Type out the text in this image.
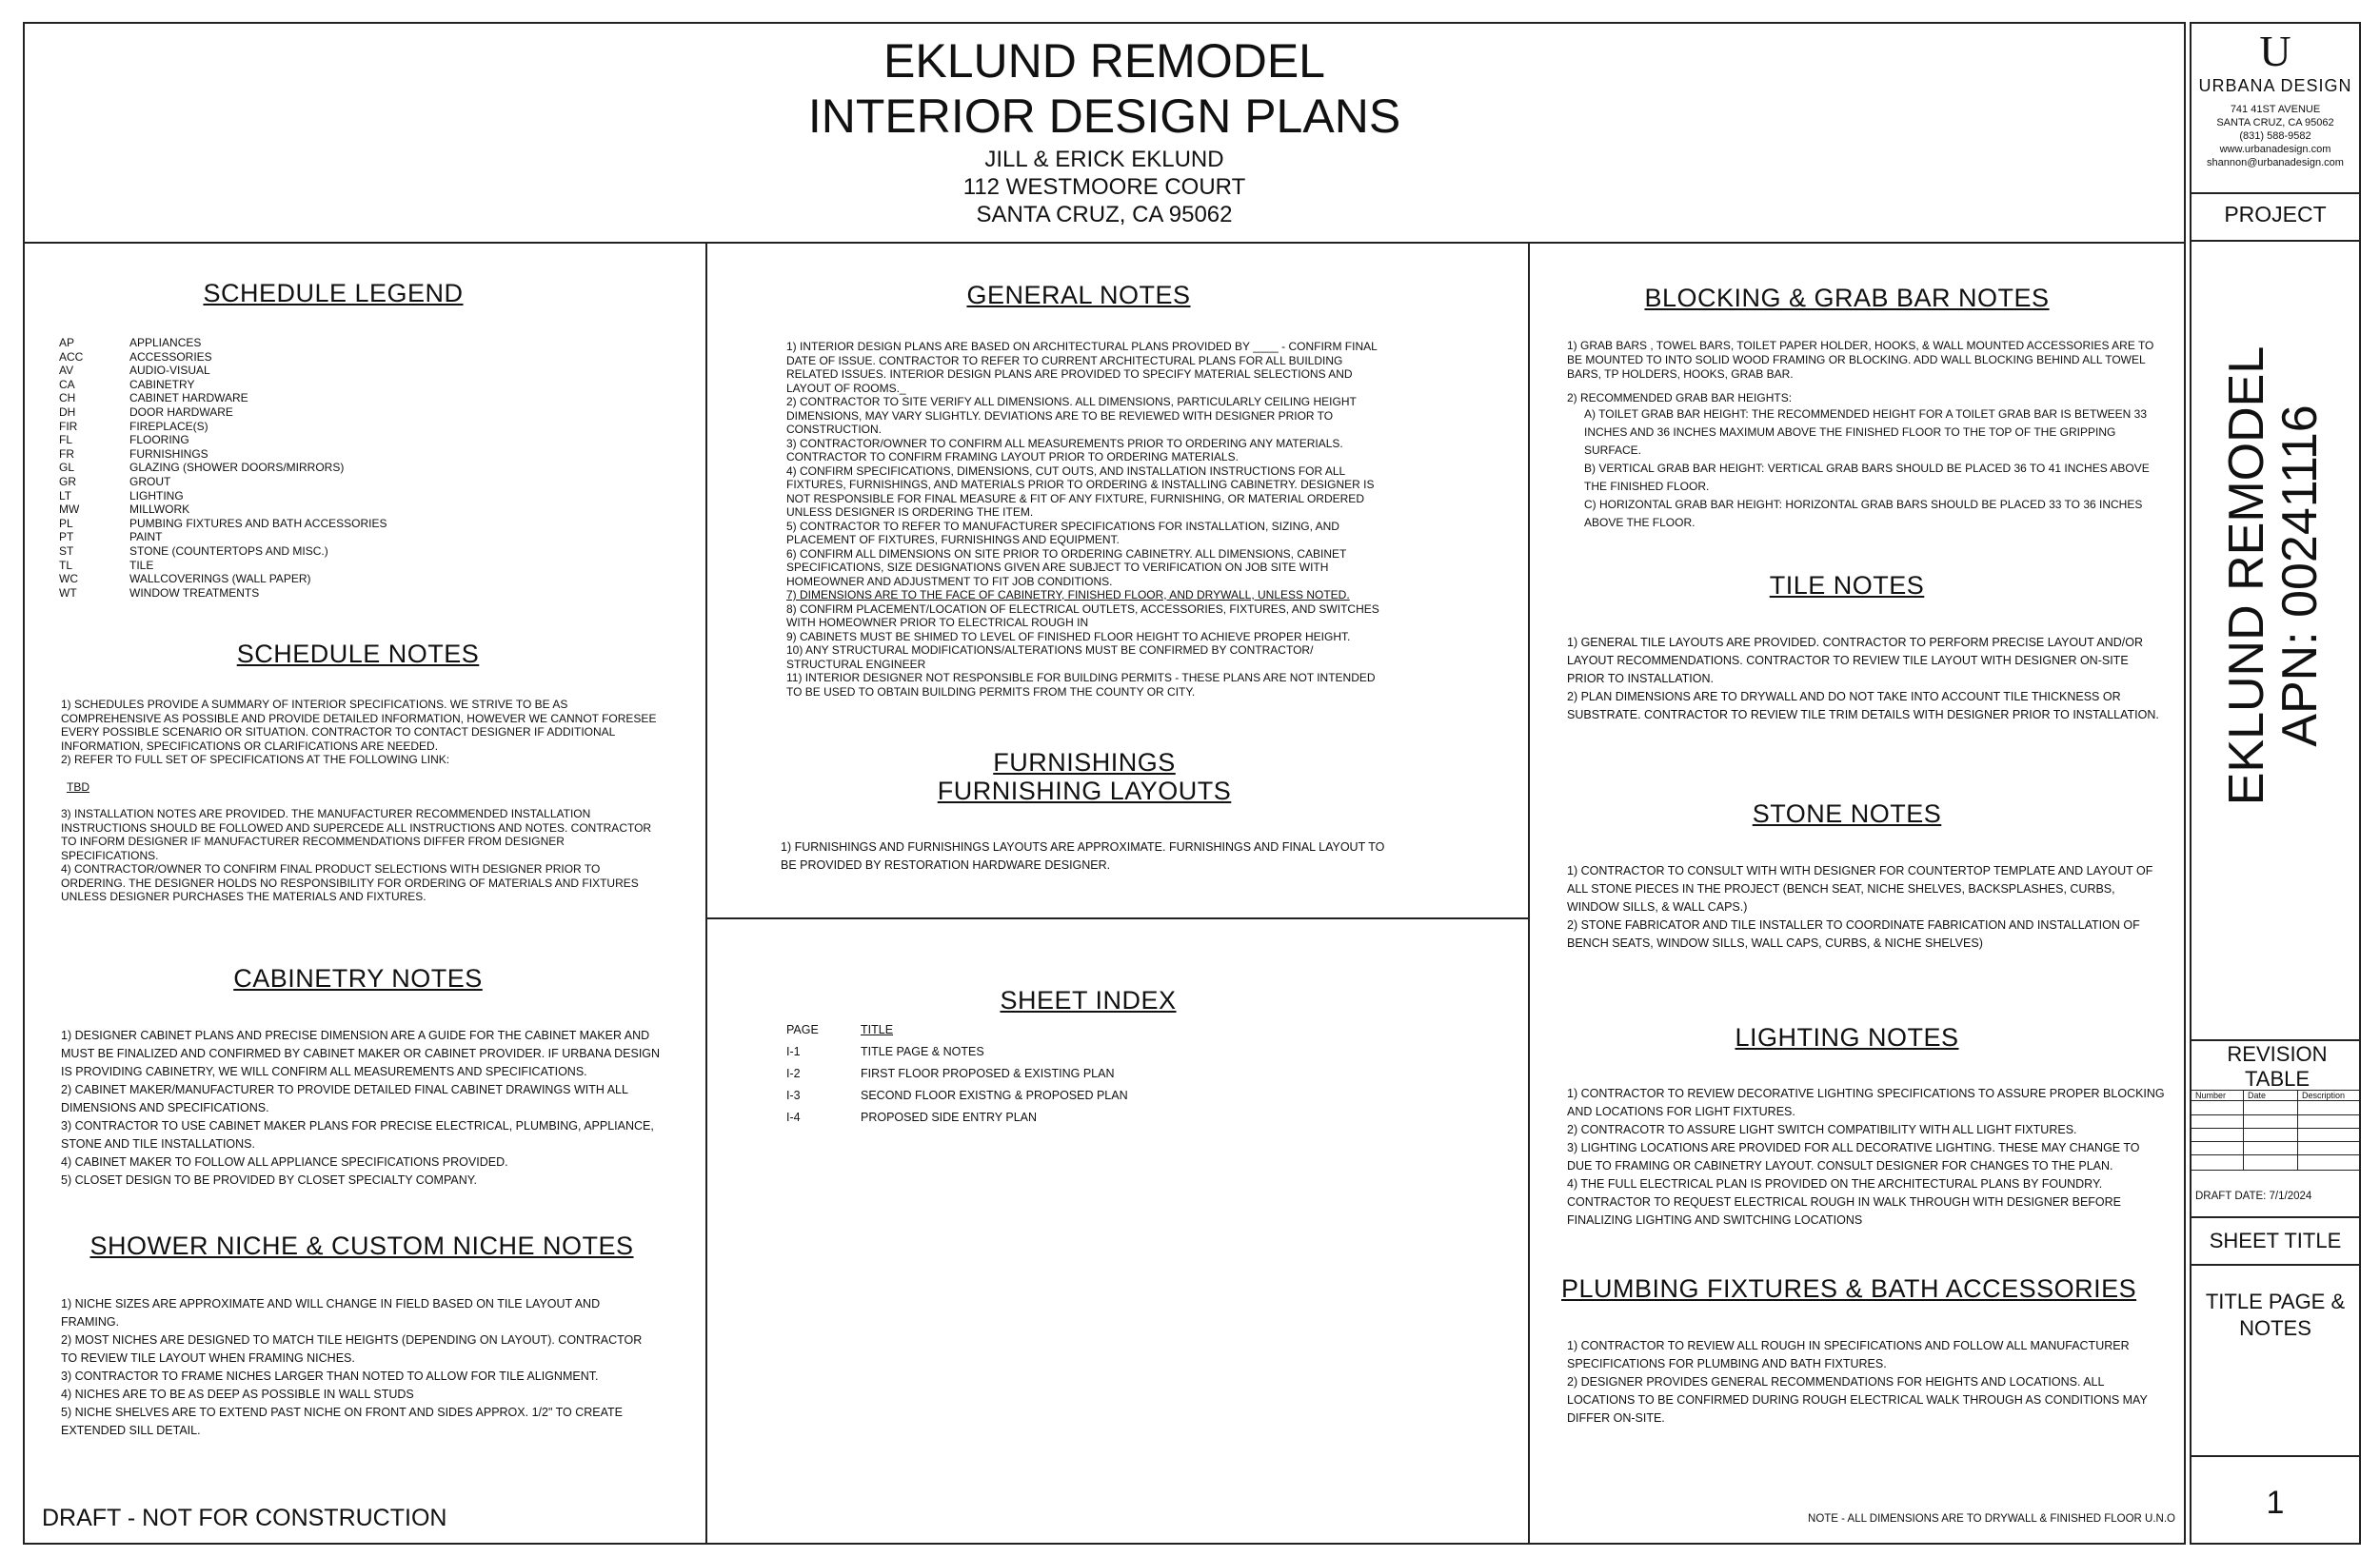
EKLUND REMODEL
INTERIOR DESIGN PLANS
JILL & ERICK EKLUND
112 WESTMOORE COURT
SANTA CRUZ, CA 95062
SCHEDULE LEGEND
AP	APPLIANCES
ACC	ACCESSORIES
AV	AUDIO-VISUAL
CA	CABINETRY
CH	CABINET HARDWARE
DH	DOOR HARDWARE
FIR	FIREPLACE(S)
FL	FLOORING
FR	FURNISHINGS
GL	GLAZING (SHOWER DOORS/MIRRORS)
GR	GROUT
LT	LIGHTING
MW	MILLWORK
PL	PUMBING FIXTURES AND BATH ACCESSORIES
PT	PAINT
ST	STONE (COUNTERTOPS AND MISC.)
TL	TILE
WC	WALLCOVERINGS (WALL PAPER)
WT	WINDOW TREATMENTS
SCHEDULE NOTES

1) SCHEDULES PROVIDE A SUMMARY OF INTERIOR SPECIFICATIONS. WE STRIVE TO BE AS COMPREHENSIVE AS POSSIBLE AND PROVIDE DETAILED INFORMATION, HOWEVER WE CANNOT FORESEE EVERY POSSIBLE SCENARIO OR SITUATION. CONTRACTOR TO CONTACT DESIGNER IF ADDITIONAL INFORMATION, SPECIFICATIONS OR CLARIFICATIONS ARE NEEDED.

2) REFER TO FULL SET OF SPECIFICATIONS AT THE FOLLOWING LINK:

TBD

3) INSTALLATION NOTES ARE PROVIDED. THE MANUFACTURER RECOMMENDED INSTALLATION INSTRUCTIONS SHOULD BE FOLLOWED AND SUPERCEDE ALL INSTRUCTIONS AND NOTES. CONTRACTOR TO INFORM DESIGNER IF MANUFACTURER RECOMMENDATIONS DIFFER FROM DESIGNER SPECIFICATIONS.

4) CONTRACTOR/OWNER TO CONFIRM FINAL PRODUCT SELECTIONS WITH DESIGNER PRIOR TO ORDERING. THE DESIGNER HOLDS NO RESPONSIBILITY FOR ORDERING OF MATERIALS AND FIXTURES UNLESS DESIGNER PURCHASES THE MATERIALS AND FIXTURES.

CABINETRY NOTES

1) DESIGNER CABINET PLANS AND PRECISE DIMENSION ARE A GUIDE FOR THE CABINET MAKER AND MUST BE FINALIZED AND CONFIRMED BY CABINET MAKER OR CABINET PROVIDER. IF URBANA DESIGN IS PROVIDING CABINETRY, WE WILL CONFIRM ALL MEASUREMENTS AND SPECIFICATIONS.

2) CABINET MAKER/MANUFACTURER TO PROVIDE DETAILED FINAL CABINET DRAWINGS WITH ALL DIMENSIONS AND SPECIFICATIONS.

3) CONTRACTOR TO USE CABINET MAKER PLANS FOR PRECISE ELECTRICAL, PLUMBING, APPLIANCE, STONE AND TILE INSTALLATIONS.

4) CABINET MAKER TO FOLLOW ALL APPLIANCE SPECIFICATIONS PROVIDED.

5) CLOSET DESIGN TO BE PROVIDED BY CLOSET SPECIALTY COMPANY.

SHOWER NICHE & CUSTOM NICHE NOTES

1) NICHE SIZES ARE APPROXIMATE AND WILL CHANGE IN FIELD BASED ON TILE LAYOUT AND FRAMING.

2) MOST NICHES ARE DESIGNED TO MATCH TILE HEIGHTS (DEPENDING ON LAYOUT). CONTRACTOR TO REVIEW TILE LAYOUT WHEN FRAMING NICHES.

3) CONTRACTOR TO FRAME NICHES LARGER THAN NOTED TO ALLOW FOR TILE ALIGNMENT.

4) NICHES ARE TO BE AS DEEP AS POSSIBLE IN WALL STUDS

5) NICHE SHELVES ARE TO EXTEND PAST NICHE ON FRONT AND SIDES APPROX. 1/2" TO CREATE EXTENDED SILL DETAIL.

DRAFT - NOT FOR CONSTRUCTION
GENERAL NOTES

1) INTERIOR DESIGN PLANS ARE BASED ON ARCHITECTURAL PLANS PROVIDED BY ____ - CONFIRM FINAL DATE OF ISSUE. CONTRACTOR TO REFER TO CURRENT ARCHITECTURAL PLANS FOR ALL BUILDING RELATED ISSUES. INTERIOR DESIGN PLANS ARE PROVIDED TO SPECIFY MATERIAL SELECTIONS AND LAYOUT OF ROOMS._

2) CONTRACTOR TO SITE VERIFY ALL DIMENSIONS. ALL DIMENSIONS, PARTICULARLY CEILING HEIGHT DIMENSIONS, MAY VARY SLIGHTLY. DEVIATIONS ARE TO BE REVIEWED WITH DESIGNER PRIOR TO CONSTRUCTION.

3) CONTRACTOR/OWNER TO CONFIRM ALL MEASUREMENTS PRIOR TO ORDERING ANY MATERIALS. CONTRACTOR TO CONFIRM FRAMING LAYOUT PRIOR TO ORDERING MATERIALS.

4) CONFIRM SPECIFICATIONS, DIMENSIONS, CUT OUTS, AND INSTALLATION INSTRUCTIONS FOR ALL FIXTURES, FURNISHINGS, AND MATERIALS PRIOR TO ORDERING & INSTALLING CABINETRY. DESIGNER IS NOT RESPONSIBLE FOR FINAL MEASURE & FIT OF ANY FIXTURE, FURNISHING, OR MATERIAL ORDERED UNLESS DESIGNER IS ORDERING THE ITEM.

5) CONTRACTOR TO REFER TO MANUFACTURER SPECIFICATIONS FOR INSTALLATION, SIZING, AND PLACEMENT OF FIXTURES, FURNISHINGS AND EQUIPMENT.

6) CONFIRM ALL DIMENSIONS ON SITE PRIOR TO ORDERING CABINETRY. ALL DIMENSIONS, CABINET SPECIFICATIONS, SIZE DESIGNATIONS GIVEN ARE SUBJECT TO VERIFICATION ON JOB SITE WITH HOMEOWNER AND ADJUSTMENT TO FIT JOB CONDITIONS.

7) DIMENSIONS ARE TO THE FACE OF CABINETRY, FINISHED FLOOR, AND DRYWALL, UNLESS NOTED.

8) CONFIRM PLACEMENT/LOCATION OF ELECTRICAL OUTLETS, ACCESSORIES, FIXTURES, AND SWITCHES WITH HOMEOWNER PRIOR TO ELECTRICAL ROUGH IN

9) CABINETS MUST BE SHIMED TO LEVEL OF FINISHED FLOOR HEIGHT TO ACHIEVE PROPER HEIGHT.

10) ANY STRUCTURAL MODIFICATIONS/ALTERATIONS MUST BE CONFIRMED BY CONTRACTOR/ STRUCTURAL ENGINEER

11) INTERIOR DESIGNER NOT RESPONSIBLE FOR BUILDING PERMITS - THESE PLANS ARE NOT INTENDED TO BE USED TO OBTAIN BUILDING PERMITS FROM THE COUNTY OR CITY.

FURNISHINGS
FURNISHING LAYOUTS

1) FURNISHINGS AND FURNISHINGS LAYOUTS ARE APPROXIMATE. FURNISHINGS AND FINAL LAYOUT TO BE PROVIDED BY RESTORATION HARDWARE DESIGNER.

SHEET INDEX
PAGE	TITLE
I-1	TITLE PAGE & NOTES
I-2	FIRST FLOOR PROPOSED & EXISTING PLAN
I-3	SECOND FLOOR EXISTNG & PROPOSED PLAN
I-4	PROPOSED SIDE ENTRY PLAN
BLOCKING & GRAB BAR NOTES

1) GRAB BARS , TOWEL BARS, TOILET PAPER HOLDER, HOOKS, & WALL MOUNTED ACCESSORIES ARE TO BE MOUNTED TO INTO SOLID WOOD FRAMING OR BLOCKING. ADD WALL BLOCKING BEHIND ALL TOWEL BARS, TP HOLDERS, HOOKS, GRAB BAR.

2) RECOMMENDED GRAB BAR HEIGHTS:

A) TOILET GRAB BAR HEIGHT: THE RECOMMENDED HEIGHT FOR A TOILET GRAB BAR IS BETWEEN 33 INCHES AND 36 INCHES MAXIMUM ABOVE THE FINISHED FLOOR TO THE TOP OF THE GRIPPING SURFACE.

B) VERTICAL GRAB BAR HEIGHT: VERTICAL GRAB BARS SHOULD BE PLACED 36 TO 41 INCHES ABOVE THE FINISHED FLOOR.

C) HORIZONTAL GRAB BAR HEIGHT: HORIZONTAL GRAB BARS SHOULD BE PLACED 33 TO 36 INCHES ABOVE THE FLOOR.

TILE NOTES

1) GENERAL TILE LAYOUTS ARE PROVIDED. CONTRACTOR TO PERFORM PRECISE LAYOUT AND/OR LAYOUT RECOMMENDATIONS. CONTRACTOR TO REVIEW TILE LAYOUT WITH DESIGNER ON-SITE PRIOR TO INSTALLATION.

2) PLAN DIMENSIONS ARE TO DRYWALL AND DO NOT TAKE INTO ACCOUNT TILE THICKNESS OR SUBSTRATE. CONTRACTOR TO REVIEW TILE TRIM DETAILS WITH DESIGNER PRIOR TO INSTALLATION.

STONE NOTES

1) CONTRACTOR TO CONSULT WITH WITH DESIGNER FOR COUNTERTOP TEMPLATE AND LAYOUT OF ALL STONE PIECES IN THE PROJECT (BENCH SEAT, NICHE SHELVES, BACKSPLASHES, CURBS, WINDOW SILLS, & WALL CAPS.)

2) STONE FABRICATOR AND TILE INSTALLER TO COORDINATE FABRICATION AND INSTALLATION OF BENCH SEATS, WINDOW SILLS, WALL CAPS, CURBS, & NICHE SHELVES)

LIGHTING NOTES

1) CONTRACTOR TO REVIEW DECORATIVE LIGHTING SPECIFICATIONS TO ASSURE PROPER BLOCKING AND LOCATIONS FOR LIGHT FIXTURES.

2) CONTRACOTR TO ASSURE LIGHT SWITCH COMPATIBILITY WITH ALL LIGHT FIXTURES.

3) LIGHTING LOCATIONS ARE PROVIDED FOR ALL DECORATIVE LIGHTING. THESE MAY CHANGE TO DUE TO FRAMING OR CABINETRY LAYOUT. CONSULT DESIGNER FOR CHANGES TO THE PLAN.

4) THE FULL ELECTRICAL PLAN IS PROVIDED ON THE ARCHITECTURAL PLANS BY FOUNDRY. CONTRACTOR TO REQUEST ELECTRICAL ROUGH IN WALK THROUGH WITH DESIGNER BEFORE FINALIZING LIGHTING AND SWITCHING LOCATIONS

PLUMBING FIXTURES & BATH ACCESSORIES

1) CONTRACTOR TO REVIEW ALL ROUGH IN SPECIFICATIONS AND FOLLOW ALL MANUFACTURER SPECIFICATIONS FOR PLUMBING AND BATH FIXTURES.

2) DESIGNER PROVIDES GENERAL RECOMMENDATIONS FOR HEIGHTS AND LOCATIONS. ALL LOCATIONS TO BE CONFIRMED DURING ROUGH ELECTRICAL WALK THROUGH AS CONDITIONS MAY DIFFER ON-SITE.

NOTE - ALL DIMENSIONS ARE TO DRYWALL & FINISHED FLOOR U.N.O
U
URBANA DESIGN
741 41ST AVENUE
SANTA CRUZ, CA 95062
(831) 588-9582
www.urbanadesign.com
shannon@urbanadesign.com
PROJECT
EKLUND REMODEL
APN: 00241116
REVISION TABLE
Number	Date	Description
DRAFT DATE: 7/1/2024
SHEET TITLE
TITLE PAGE & NOTES
1
